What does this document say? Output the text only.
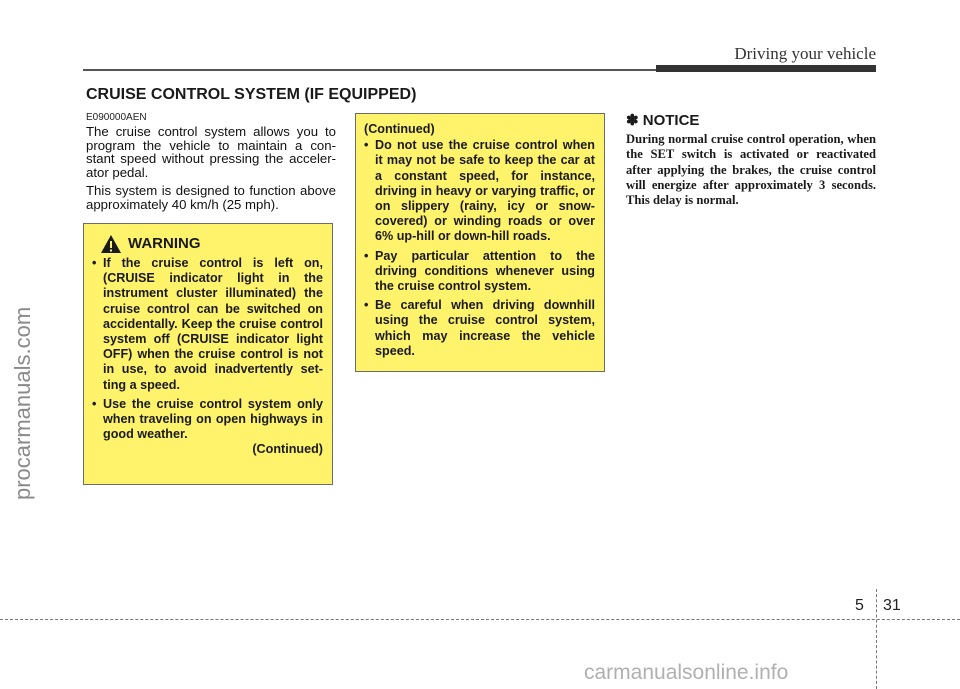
Driving your vehicle
CRUISE CONTROL SYSTEM (IF EQUIPPED)
E090000AEN

The cruise control system allows you to program the vehicle to maintain a con-stant speed without pressing the acceler-ator pedal.

This system is designed to function above approximately 40 km/h (25 mph).

WARNING
• If the cruise control is left on, (CRUISE indicator light in the instrument cluster illuminated) the cruise control can be switched on accidentally. Keep the cruise control system off (CRUISE indicator light OFF) when the cruise control is not in use, to avoid inadvertently set-ting a speed.
• Use the cruise control system only when traveling on open highways in good weather.
(Continued)
(Continued)
• Do not use the cruise control when it may not be safe to keep the car at a constant speed, for instance, driving in heavy or varying traffic, or on slippery (rainy, icy or snow-covered) or winding roads or over 6% up-hill or down-hill roads.
• Pay particular attention to the driving conditions whenever using the cruise control system.
• Be careful when driving downhill using the cruise control system, which may increase the vehicle speed.
✽ NOTICE
During normal cruise control operation, when the SET switch is activated or reactivated after applying the brakes, the cruise control will energize after approximately 3 seconds. This delay is normal.
5 31
procarmanuals.com
carmanualsonline.info
